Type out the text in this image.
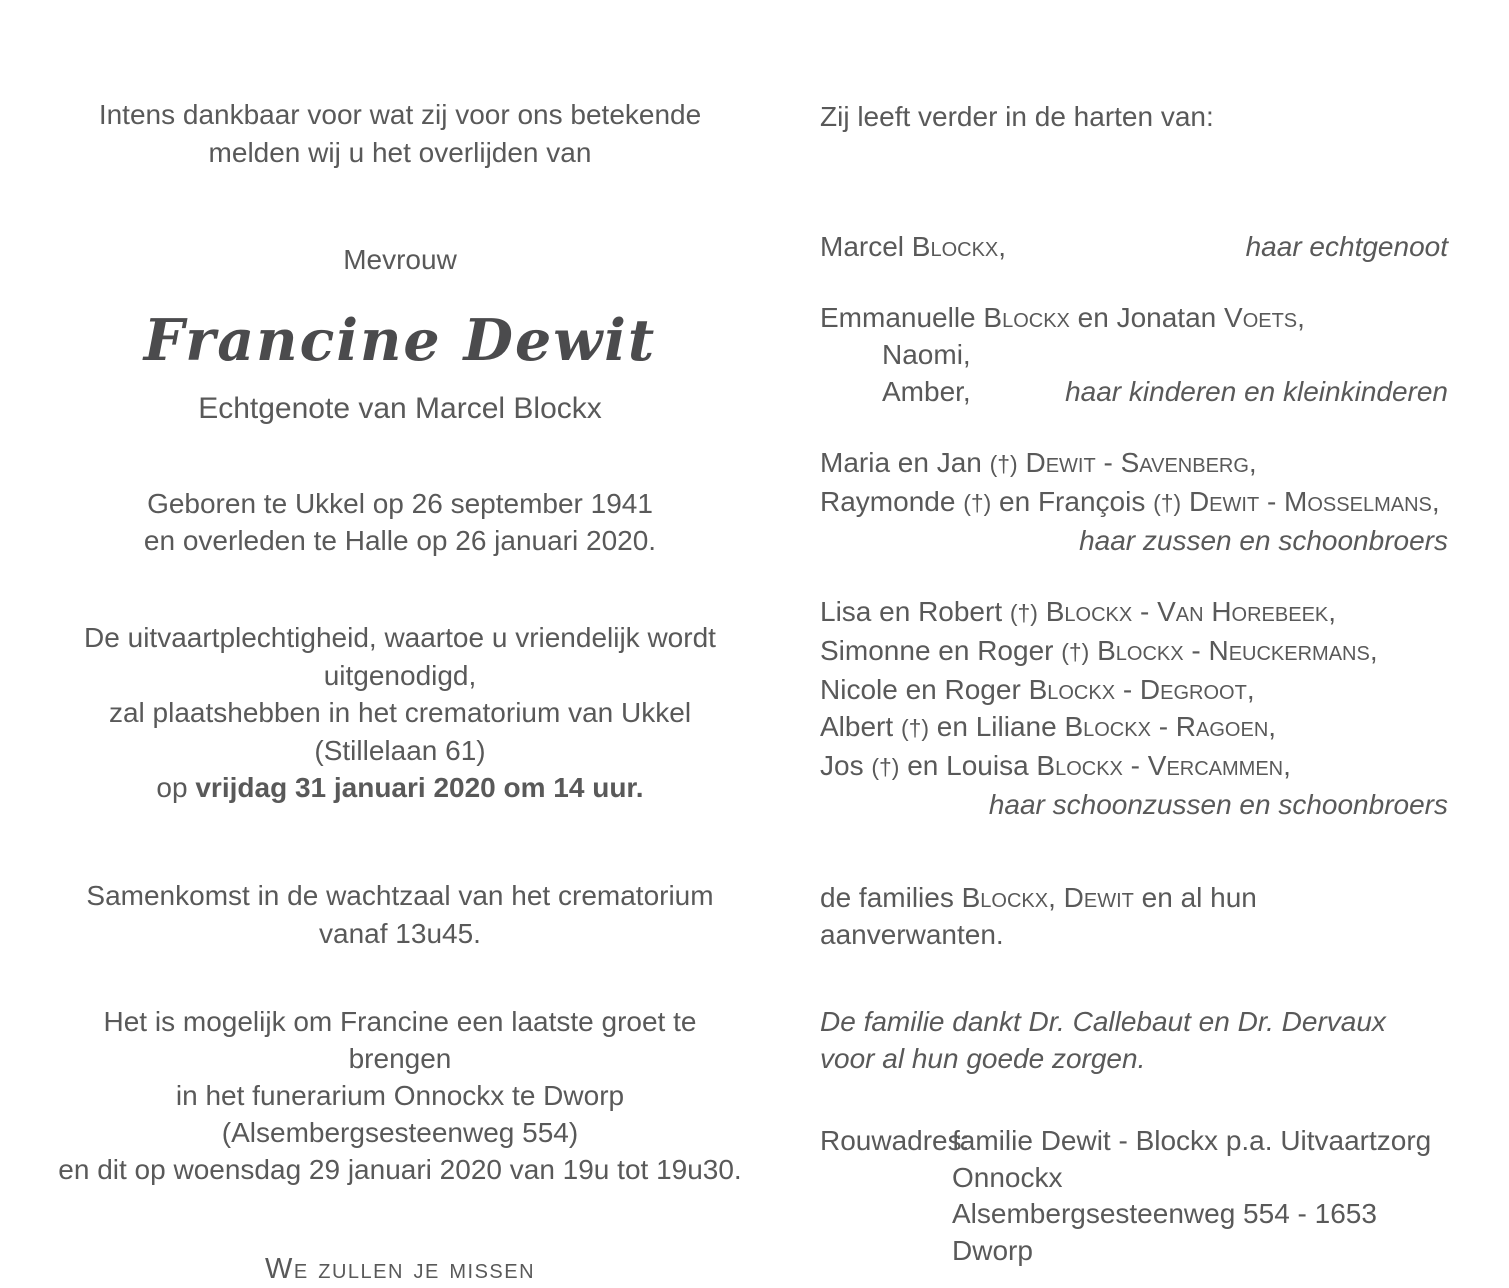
Intens dankbaar voor wat zij voor ons betekende
melden wij u het overlijden van
Mevrouw
Francine Dewit
Echtgenote van Marcel Blockx
Geboren te Ukkel op 26 september 1941
en overleden te Halle op 26 januari 2020.
De uitvaartplechtigheid, waartoe u vriendelijk wordt uitgenodigd,
zal plaatshebben in het crematorium van Ukkel (Stillelaan 61)
op vrijdag 31 januari 2020 om 14 uur.
Samenkomst in de wachtzaal van het crematorium vanaf 13u45.
Het is mogelijk om Francine een laatste groet te brengen
in het funerarium Onnockx te Dworp (Alsembergsesteenweg 554)
en dit op woensdag 29 januari 2020 van 19u tot 19u30.
We zullen je missen
Zij leeft verder in de harten van:
Marcel Blockx,	haar echtgenoot
Emmanuelle Blockx en Jonatan Voets,
Naomi,
Amber,	haar kinderen en kleinkinderen
Maria en Jan (†) Dewit - Savenberg,
Raymonde (†) en François (†) Dewit - Mosselmans,
haar zussen en schoonbroers
Lisa en Robert (†) Blockx - Van Horebeek,
Simonne en Roger (†) Blockx - Neuckermans,
Nicole en Roger Blockx - Degroot,
Albert (†) en Liliane Blockx - Ragoen,
Jos (†) en Louisa Blockx - Vercammen,
haar schoonzussen en schoonbroers
de families Blockx, Dewit en al hun aanverwanten.
De familie dankt Dr. Callebaut en Dr. Dervaux
voor al hun goede zorgen.
Rouwadres:
familie Dewit - Blockx p.a. Uitvaartzorg Onnockx
Alsembergsesteenweg 554 - 1653 Dworp
